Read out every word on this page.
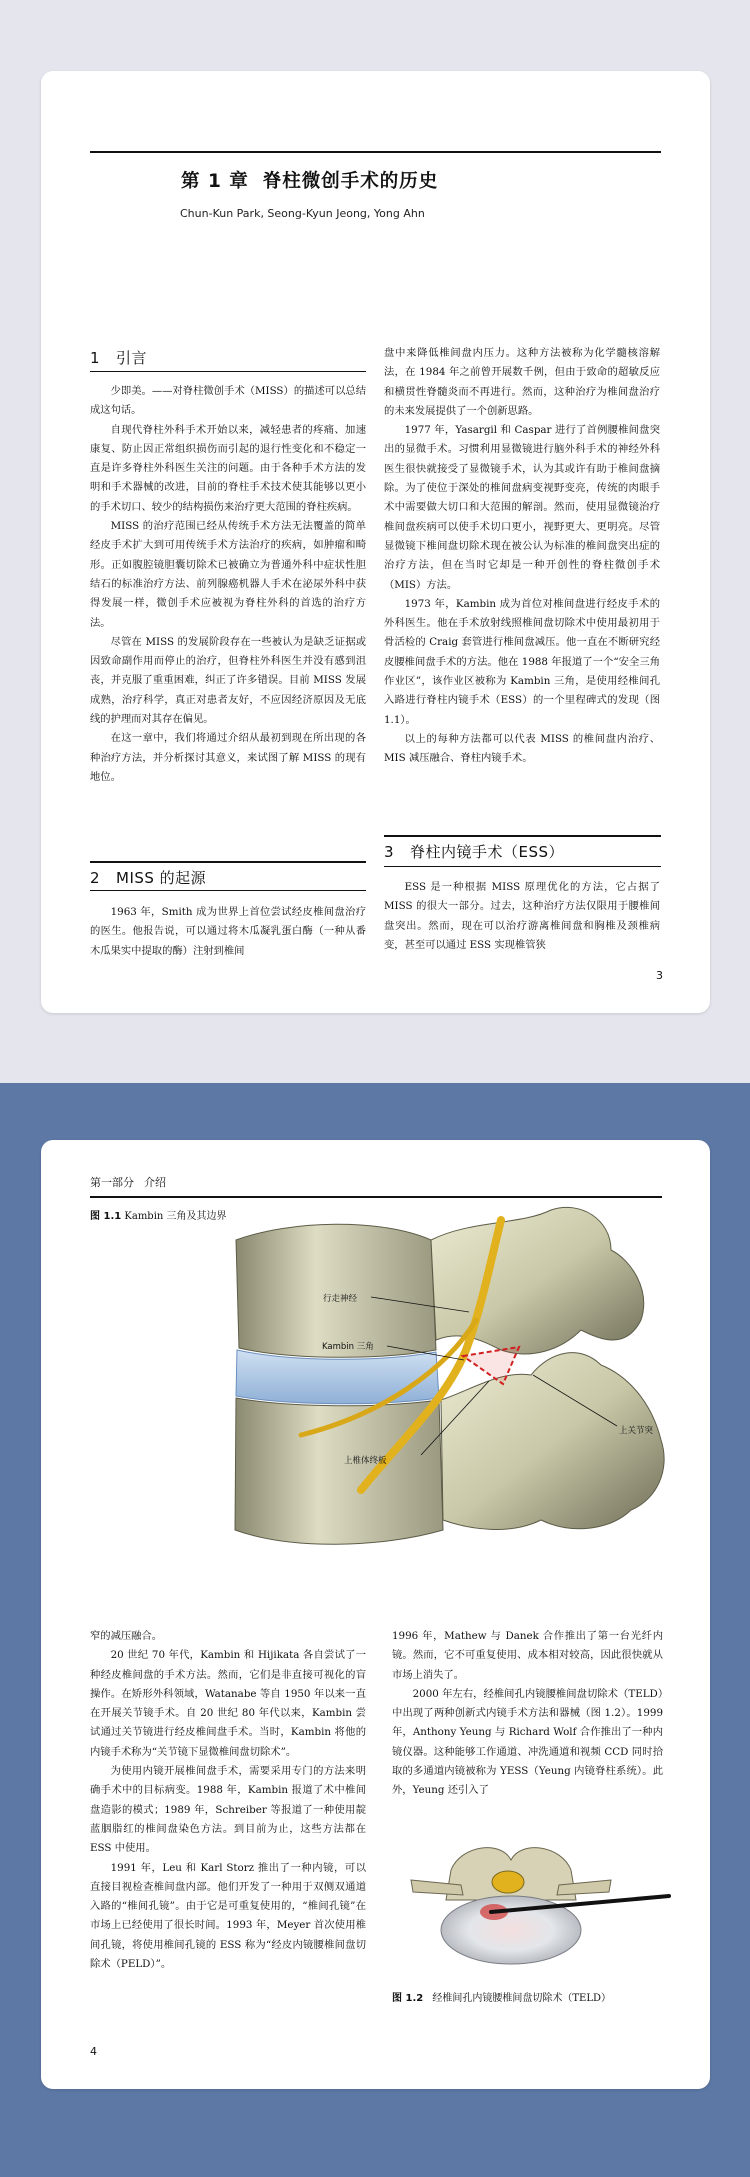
第 1 章 脊柱微创手术的历史
Chun-Kun Park, Seong-Kyun Jeong, Yong Ahn
1 引言

少即美。——对脊柱微创手术（MISS）的描述可以总结成这句话。

自现代脊柱外科手术开始以来，减轻患者的疼痛、加速康复、防止因正常组织损伤而引起的退行性变化和不稳定一直是许多脊柱外科医生关注的问题。由于各种手术方法的发明和手术器械的改进，目前的脊柱手术技术使其能够以更小的手术切口、较少的结构损伤来治疗更大范围的脊柱疾病。

MISS 的治疗范围已经从传统手术方法无法覆盖的简单经皮手术扩大到可用传统手术方法治疗的疾病，如肿瘤和畸形。正如腹腔镜胆囊切除术已被确立为普通外科中症状性胆结石的标准治疗方法、前列腺癌机器人手术在泌尿外科中获得发展一样，微创手术应被视为脊柱外科的首选的治疗方法。

尽管在 MISS 的发展阶段存在一些被认为是缺乏证据或因致命副作用而停止的治疗，但脊柱外科医生并没有感到沮丧，并克服了重重困难，纠正了许多错误。目前 MISS 发展成熟，治疗科学，真正对患者友好，不应因经济原因及无底线的护理而对其存在偏见。

在这一章中，我们将通过介绍从最初到现在所出现的各种治疗方法，并分析探讨其意义，来试图了解 MISS 的现有地位。

2 MISS 的起源

1963 年，Smith 成为世界上首位尝试经皮椎间盘治疗的医生。他报告说，可以通过将木瓜凝乳蛋白酶（一种从番木瓜果实中提取的酶）注射到椎间

盘中来降低椎间盘内压力。这种方法被称为化学髓核溶解法，在 1984 年之前曾开展数千例，但由于致命的超敏反应和横贯性脊髓炎而不再进行。然而，这种治疗为椎间盘治疗的未来发展提供了一个创新思路。

1977 年，Yasargil 和 Caspar 进行了首例腰椎间盘突出的显微手术。习惯利用显微镜进行脑外科手术的神经外科医生很快就接受了显微镜手术，认为其或许有助于椎间盘摘除。为了使位于深处的椎间盘病变视野变亮，传统的肉眼手术中需要做大切口和大范围的解剖。然而，使用显微镜治疗椎间盘疾病可以使手术切口更小，视野更大、更明亮。尽管显微镜下椎间盘切除术现在被公认为标准的椎间盘突出症的治疗方法，但在当时它却是一种开创性的脊柱微创手术（MIS）方法。

1973 年，Kambin 成为首位对椎间盘进行经皮手术的外科医生。他在手术放射线照椎间盘切除术中使用最初用于骨活检的 Craig 套管进行椎间盘减压。他一直在不断研究经皮腰椎间盘手术的方法。他在 1988 年报道了一个“安全三角作业区”，该作业区被称为 Kambin 三角，是使用经椎间孔入路进行脊柱内镜手术（ESS）的一个里程碑式的发现（图 1.1）。

以上的每种方法都可以代表 MISS 的椎间盘内治疗、MIS 减压融合、脊柱内镜手术。

3 脊柱内镜手术（ESS）

ESS 是一种根据 MISS 原理优化的方法，它占据了 MISS 的很大一部分。过去，这种治疗方法仅限用于腰椎间盘突出。然而，现在可以治疗游离椎间盘和胸椎及颈椎病变，甚至可以通过 ESS 实现椎管狭

3
第一部分 介绍
图 1.1 Kambin 三角及其边界
行走神经
Kambin 三角
上关节突
上椎体终板

窄的减压融合。

20 世纪 70 年代，Kambin 和 Hijikata 各自尝试了一种经皮椎间盘的手术方法。然而，它们是非直接可视化的盲操作。在矫形外科领域，Watanabe 等自 1950 年以来一直在开展关节镜手术。自 20 世纪 80 年代以来，Kambin 尝试通过关节镜进行经皮椎间盘手术。当时，Kambin 将他的内镜手术称为“关节镜下显微椎间盘切除术”。

为使用内镜开展椎间盘手术，需要采用专门的方法来明确手术中的目标病变。1988 年，Kambin 报道了术中椎间盘造影的模式；1989 年，Schreiber 等报道了一种使用靛蓝胭脂红的椎间盘染色方法。到目前为止，这些方法都在 ESS 中使用。

1991 年，Leu 和 Karl Storz 推出了一种内镜，可以直接目视检查椎间盘内部。他们开发了一种用于双侧双通道入路的“椎间孔镜”。由于它是可重复使用的，“椎间孔镜”在市场上已经使用了很长时间。1993 年，Meyer 首次使用椎间孔镜，将使用椎间孔镜的 ESS 称为“经皮内镜腰椎间盘切除术（PELD）”。

1996 年，Mathew 与 Danek 合作推出了第一台光纤内镜。然而，它不可重复使用、成本相对较高，因此很快就从市场上消失了。

2000 年左右，经椎间孔内镜腰椎间盘切除术（TELD）中出现了两种创新式内镜手术方法和器械（图 1.2）。1999 年，Anthony Yeung 与 Richard Wolf 合作推出了一种内镜仪器。这种能够工作通道、冲洗通道和视频 CCD 同时拾取的多通道内镜被称为 YESS（Yeung 内镜脊柱系统）。此外，Yeung 还引入了

图 1.2 经椎间孔内镜腰椎间盘切除术（TELD）
4
